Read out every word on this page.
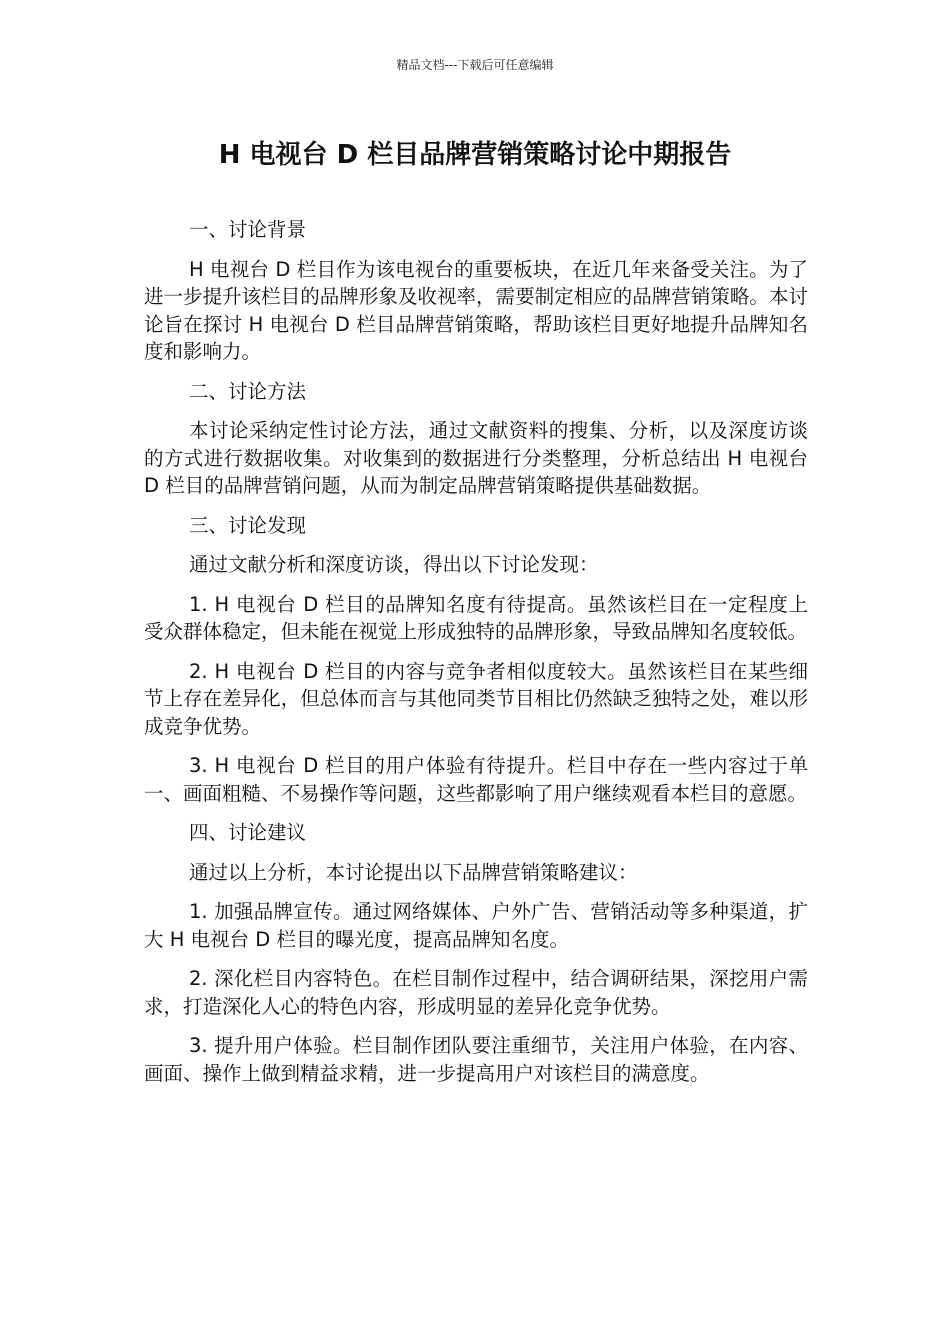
精品文档---下载后可任意编辑
H 电视台 D 栏目品牌营销策略讨论中期报告

一、讨论背景

H 电视台 D 栏目作为该电视台的重要板块，在近几年来备受关注。为了进一步提升该栏目的品牌形象及收视率，需要制定相应的品牌营销策略。本讨论旨在探讨 H 电视台 D 栏目品牌营销策略，帮助该栏目更好地提升品牌知名度和影响力。

二、讨论方法

本讨论采纳定性讨论方法，通过文献资料的搜集、分析，以及深度访谈的方式进行数据收集。对收集到的数据进行分类整理，分析总结出 H 电视台 D 栏目的品牌营销问题，从而为制定品牌营销策略提供基础数据。

三、讨论发现

通过文献分析和深度访谈，得出以下讨论发现：

1. H 电视台 D 栏目的品牌知名度有待提高。虽然该栏目在一定程度上受众群体稳定，但未能在视觉上形成独特的品牌形象，导致品牌知名度较低。

2. H 电视台 D 栏目的内容与竞争者相似度较大。虽然该栏目在某些细节上存在差异化，但总体而言与其他同类节目相比仍然缺乏独特之处，难以形成竞争优势。

3. H 电视台 D 栏目的用户体验有待提升。栏目中存在一些内容过于单一、画面粗糙、不易操作等问题，这些都影响了用户继续观看本栏目的意愿。

四、讨论建议

通过以上分析，本讨论提出以下品牌营销策略建议：

1. 加强品牌宣传。通过网络媒体、户外广告、营销活动等多种渠道，扩大 H 电视台 D 栏目的曝光度，提高品牌知名度。

2. 深化栏目内容特色。在栏目制作过程中，结合调研结果，深挖用户需求，打造深化人心的特色内容，形成明显的差异化竞争优势。

3. 提升用户体验。栏目制作团队要注重细节，关注用户体验，在内容、画面、操作上做到精益求精，进一步提高用户对该栏目的满意度。
